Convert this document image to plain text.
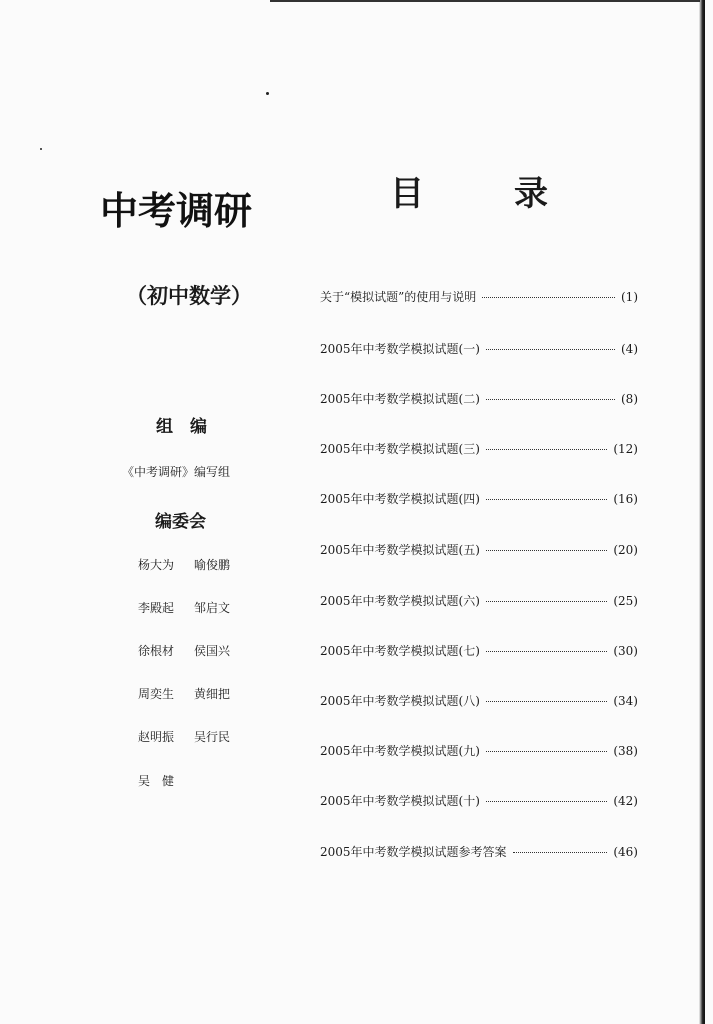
中考调研
（初中数学）
组　编
《中考调研》编写组
编委会
杨大为 喻俊鹏
李殿起 邹启文
徐根材 侯国兴
周奕生 黄细把
赵明振 吴行民
吴　健
目	录
关于“模拟试题”的使用与说明	(1)
2005年中考数学模拟试题(一)	(4)
2005年中考数学模拟试题(二)	(8)
2005年中考数学模拟试题(三)	(12)
2005年中考数学模拟试题(四)	(16)
2005年中考数学模拟试题(五)	(20)
2005年中考数学模拟试题(六)	(25)
2005年中考数学模拟试题(七)	(30)
2005年中考数学模拟试题(八)	(34)
2005年中考数学模拟试题(九)	(38)
2005年中考数学模拟试题(十)	(42)
2005年中考数学模拟试题参考答案	(46)
